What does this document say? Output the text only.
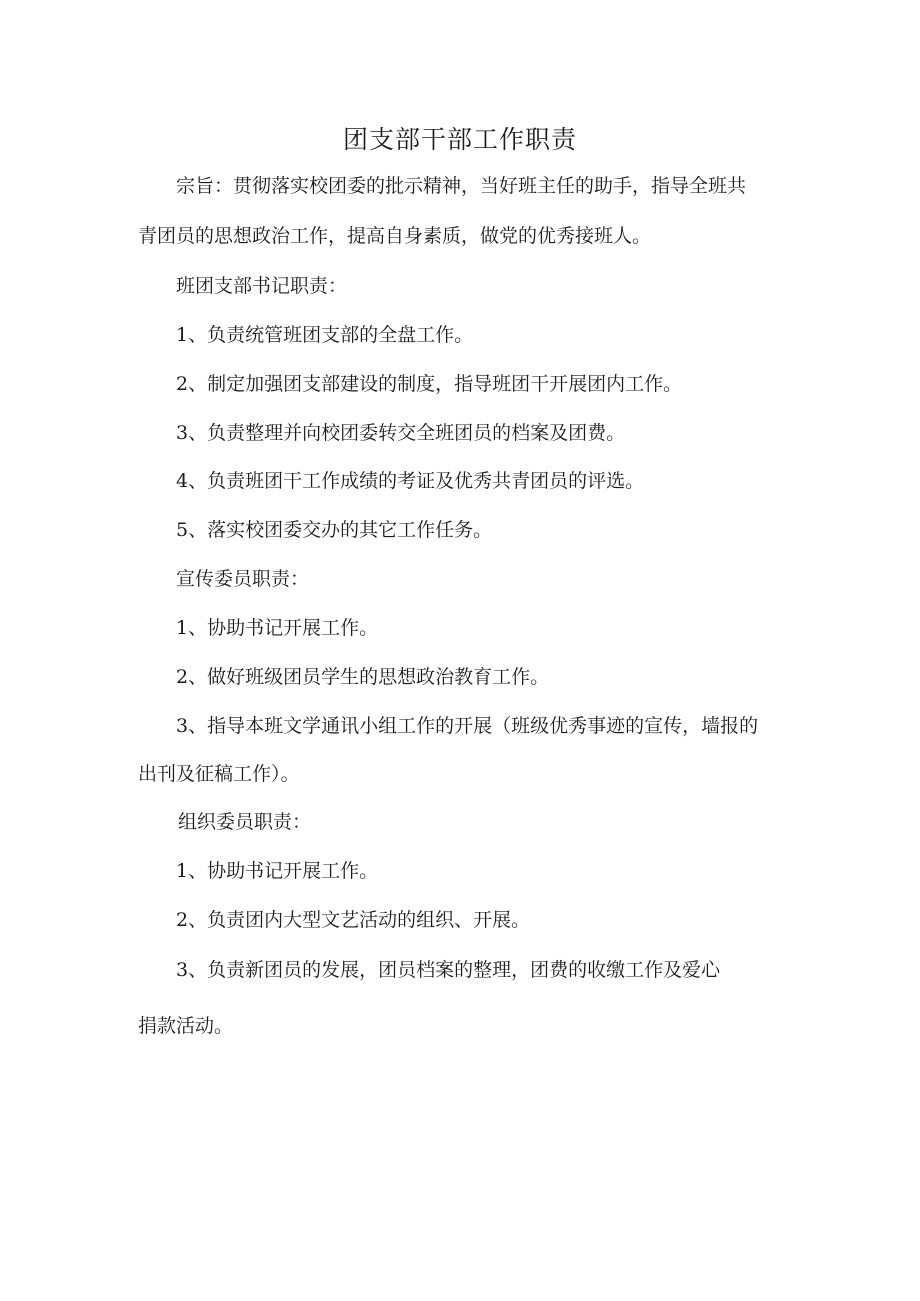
团支部干部工作职责
宗旨：贯彻落实校团委的批示精神，当好班主任的助手，指导全班共
青团员的思想政治工作，提高自身素质，做党的优秀接班人。
班团支部书记职责：
1、负责统管班团支部的全盘工作。
2、制定加强团支部建设的制度，指导班团干开展团内工作。
3、负责整理并向校团委转交全班团员的档案及团费。
4、负责班团干工作成绩的考证及优秀共青团员的评选。
5、落实校团委交办的其它工作任务。
宣传委员职责：
1、协助书记开展工作。
2、做好班级团员学生的思想政治教育工作。
3、指导本班文学通讯小组工作的开展（班级优秀事迹的宣传，墙报的
出刊及征稿工作）。
组织委员职责：
1、协助书记开展工作。
2、负责团内大型文艺活动的组织、开展。
3、负责新团员的发展，团员档案的整理，团费的收缴工作及爱心
捐款活动。
